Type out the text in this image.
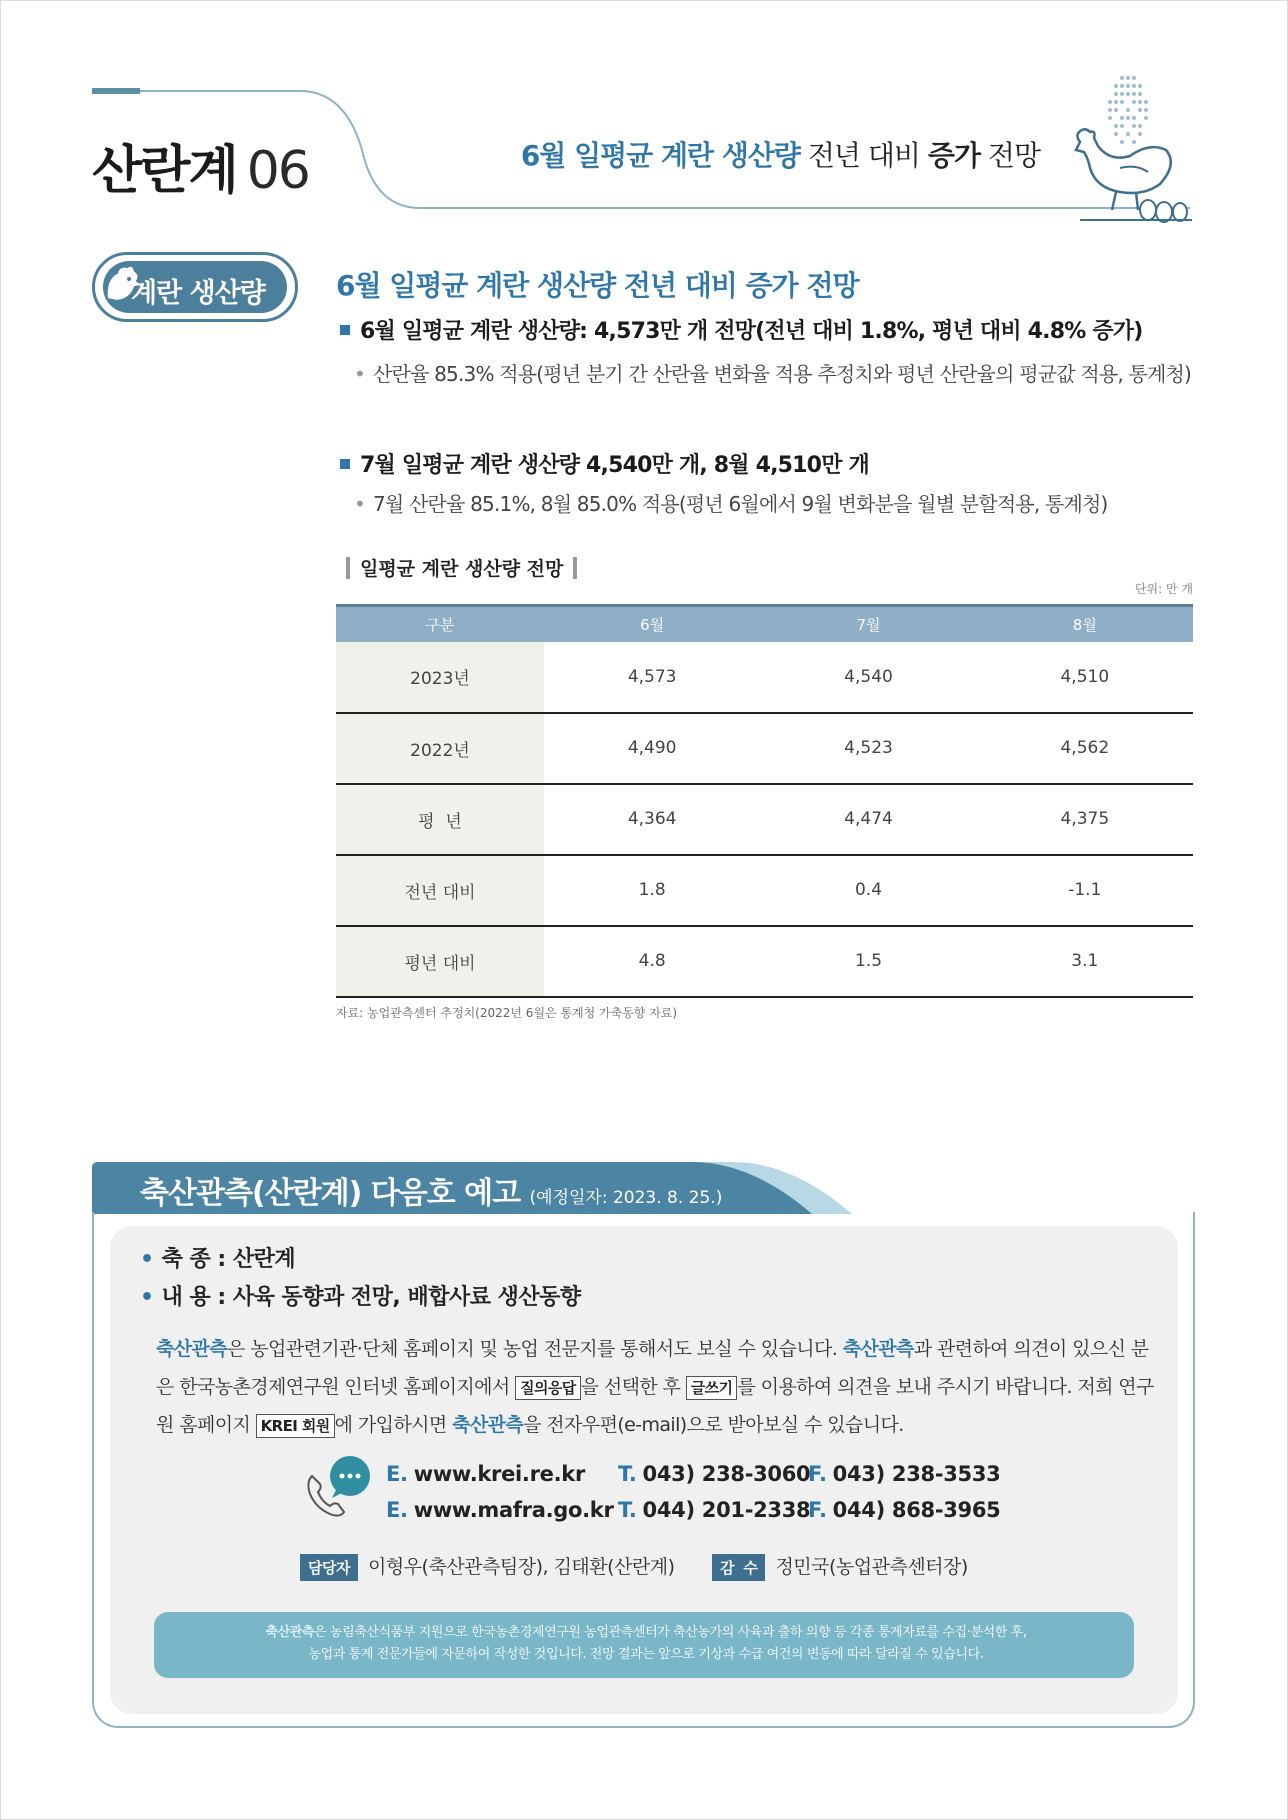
산란계 06	6월 일평균 계란 생산량 전년 대비 증가 전망
계란 생산량	6월 일평균 계란 생산량 전년 대비 증가 전망
6월 일평균 계란 생산량: 4,573만 개 전망(전년 대비 1.8%, 평년 대비 4.8% 증가)
• 산란율 85.3% 적용(평년 분기 간 산란율 변화율 적용 추정치와 평년 산란율의 평균값 적용, 통계청)
7월 일평균 계란 생산량 4,540만 개, 8월 4,510만 개
• 7월 산란율 85.1%, 8월 85.0% 적용(평년 6월에서 9월 변화분을 월별 분할적용, 통계청)
일평균 계란 생산량 전망
단위: 만 개
구분	6월	7월	8월
2023년	4,573	4,540	4,510
2022년	4,490	4,523	4,562
평  년	4,364	4,474	4,375
전년 대비	1.8	0.4	-1.1
평년 대비	4.8	1.5	3.1
자료: 농업관측센터 추정치(2022년 6월은 통계청 가축동향 자료)
축산관측(산란계) 다음호 예고 (예정일자: 2023. 8. 25.)
• 축 종 : 산란계
• 내 용 : 사육 동향과 전망, 배합사료 생산동향
축산관측은 농업관련기관·단체 홈페이지 및 농업 전문지를 통해서도 보실 수 있습니다. 축산관측과 관련하여 의견이 있으신 분은 한국농촌경제연구원 인터넷 홈페이지에서 질의응답 을 선택한 후 글쓰기 를 이용하여 의견을 보내 주시기 바랍니다. 저희 연구원 홈페이지 KREI 회원 에 가입하시면 축산관측을 전자우편(e-mail)으로 받아보실 수 있습니다.
E. www.krei.re.kr T. 043) 238-3060
F. 043) 238-3533
E. www.mafra.go.kr T. 044) 201-2338
F. 044) 868-3965
담당자 이형우(축산관측팀장), 김태환(산란계)	감  수 정민국(농업관측센터장)
축산관측은 농림축산식품부 지원으로 한국농촌경제연구원 농업관측센터가 축산농가의 사육과 출하 의향 등 각종 통계자료를 수집·분석한 후,
농업과 통계 전문가들에 자문하여 작성한 것입니다. 전망 결과는 앞으로 기상과 수급 여건의 변동에 따라 달라질 수 있습니다.
